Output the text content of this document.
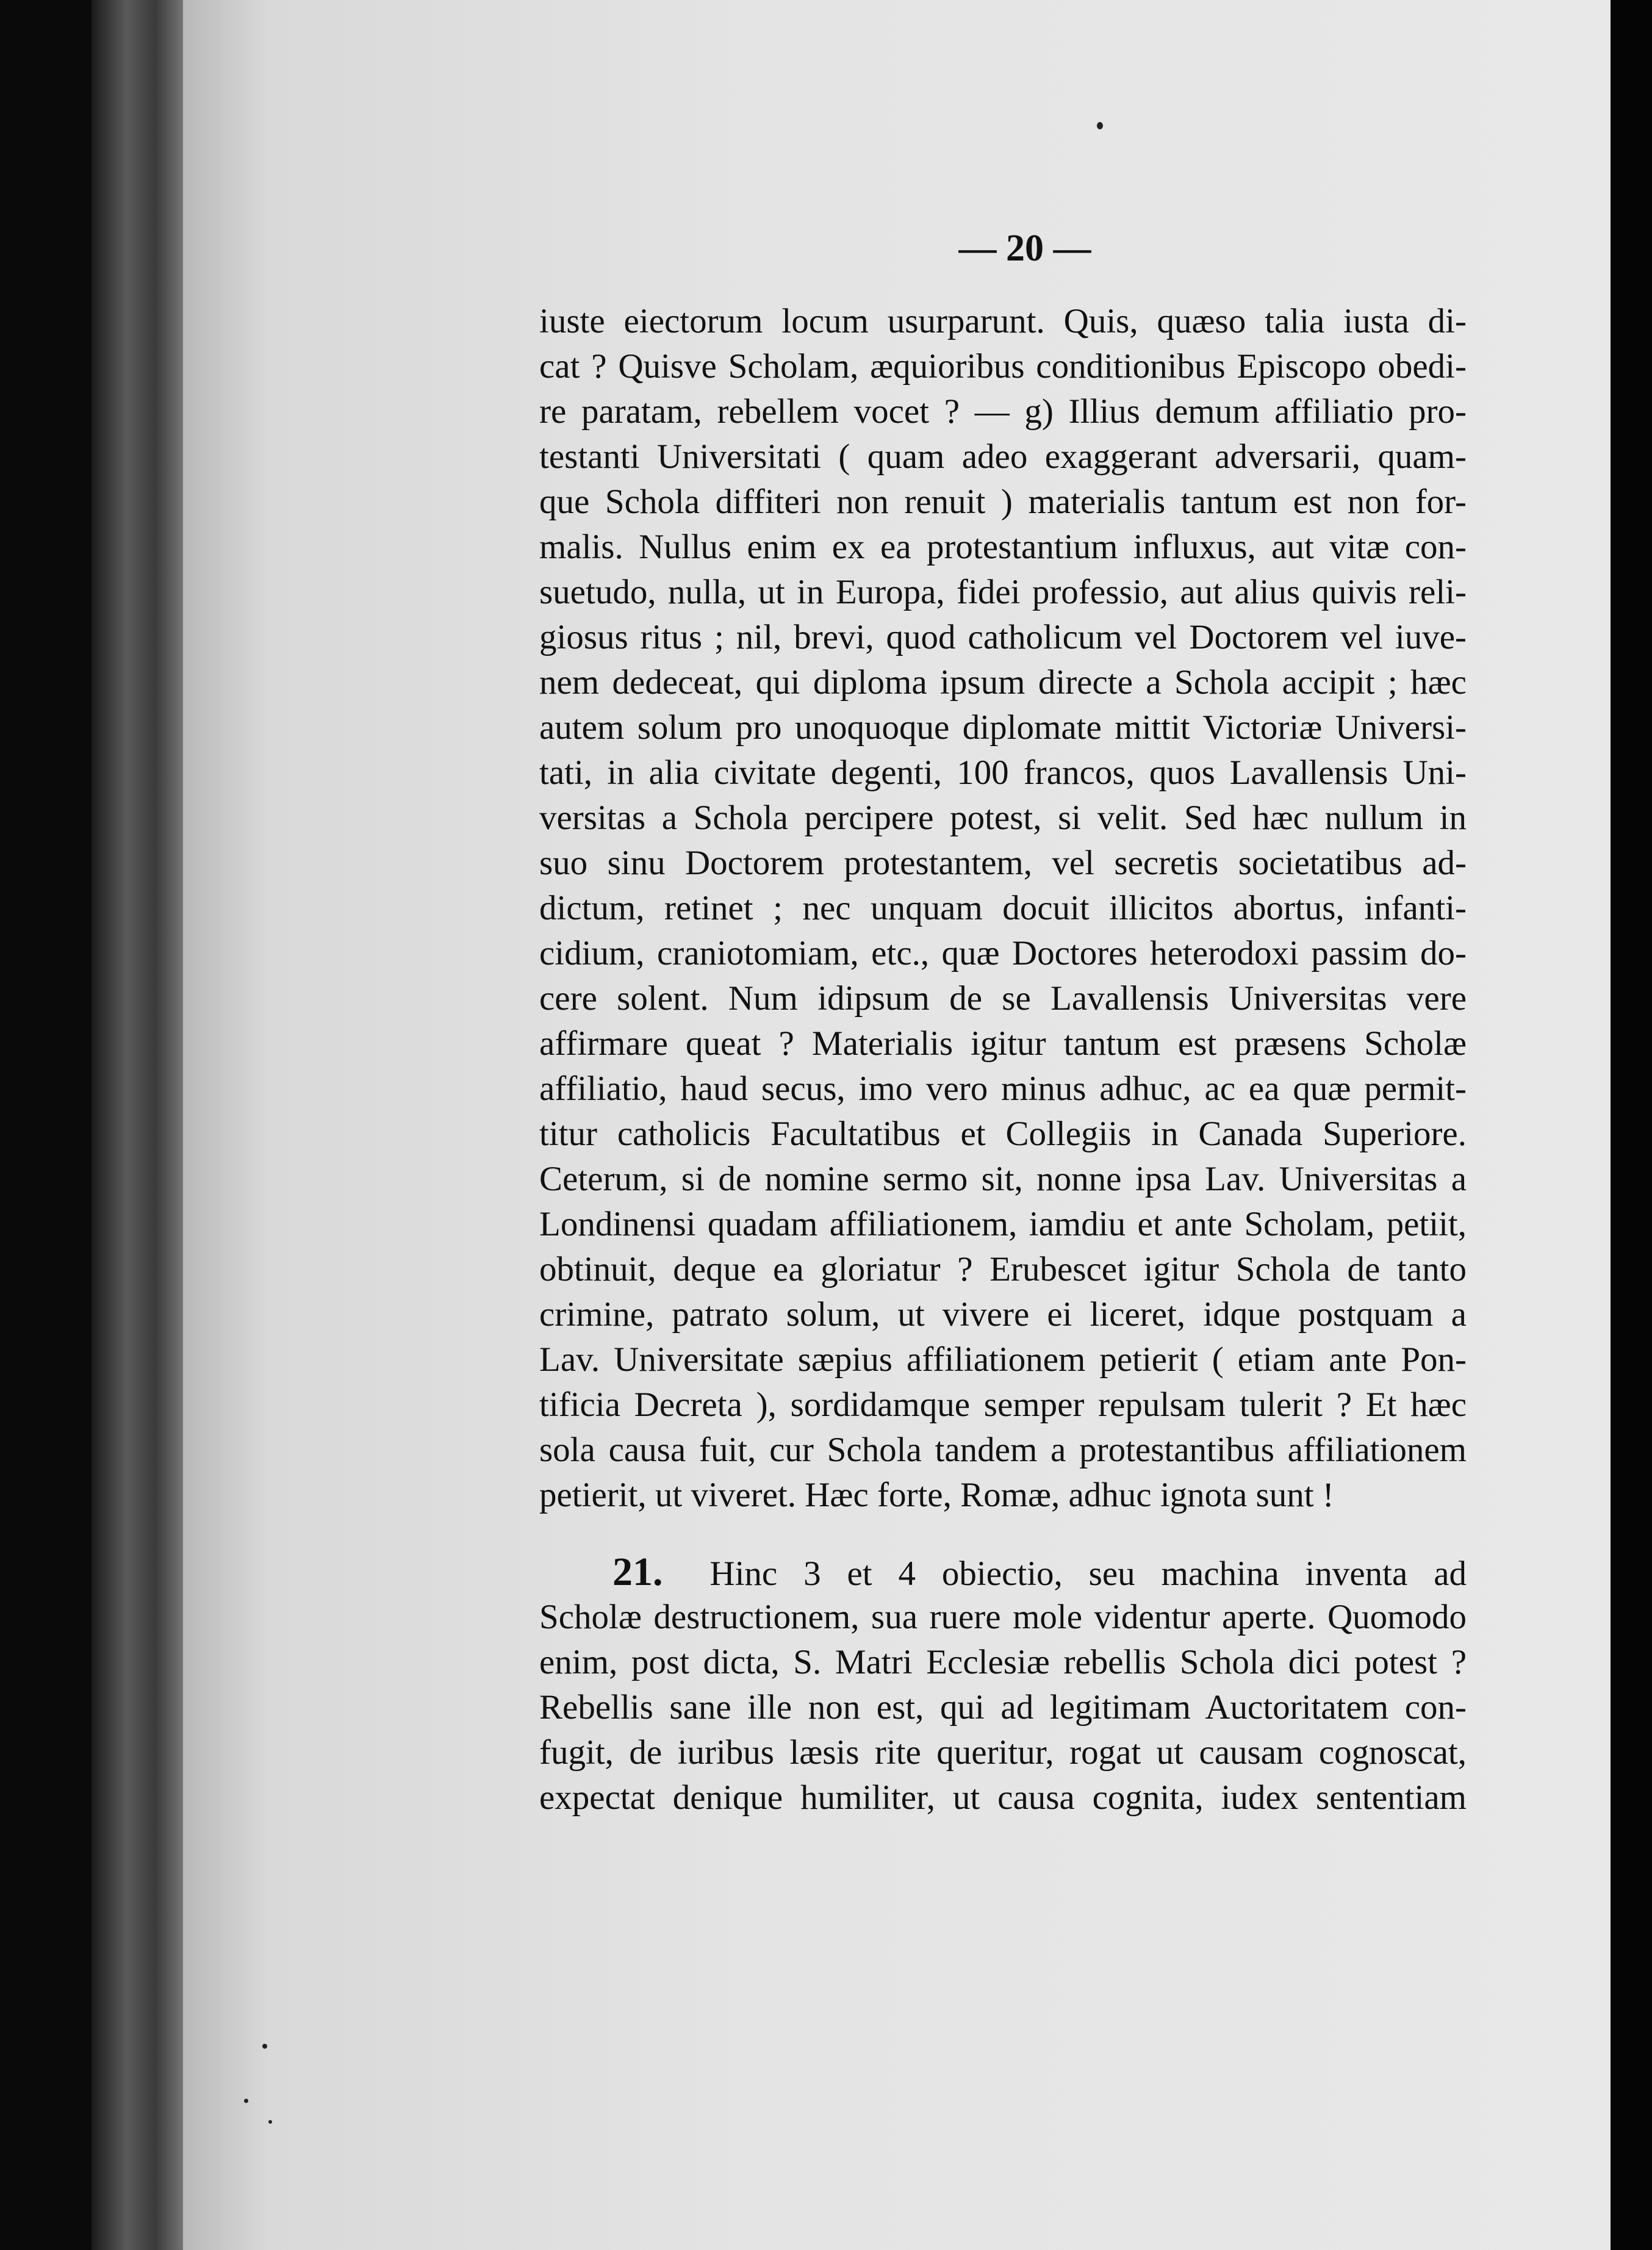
— 20 —
iuste eiectorum locum usurparunt. Quis, quæso talia iusta di-
cat ? Quisve Scholam, æquioribus conditionibus Episcopo obedi-
re paratam, rebellem vocet ? — g) Illius demum affiliatio pro-
testanti Universitati ( quam adeo exaggerant adversarii, quam-
que Schola diffiteri non renuit ) materialis tantum est non for-
malis. Nullus enim ex ea protestantium influxus, aut vitæ con-
suetudo, nulla, ut in Europa, fidei professio, aut alius quivis reli-
giosus ritus ; nil, brevi, quod catholicum vel Doctorem vel iuve-
nem dedeceat, qui diploma ipsum directe a Schola accipit ; hæc
autem solum pro unoquoque diplomate mittit Victoriæ Universi-
tati, in alia civitate degenti, 100 francos, quos Lavallensis Uni-
versitas a Schola percipere potest, si velit. Sed hæc nullum in
suo sinu Doctorem protestantem, vel secretis societatibus ad-
dictum, retinet ; nec unquam docuit illicitos abortus, infanti-
cidium, craniotomiam, etc., quæ Doctores heterodoxi passim do-
cere solent. Num idipsum de se Lavallensis Universitas vere
affirmare queat ? Materialis igitur tantum est præsens Scholæ
affiliatio, haud secus, imo vero minus adhuc, ac ea quæ permit-
titur catholicis Facultatibus et Collegiis in Canada Superiore.
Ceterum, si de nomine sermo sit, nonne ipsa Lav. Universitas a
Londinensi quadam affiliationem, iamdiu et ante Scholam, petiit,
obtinuit, deque ea gloriatur ? Erubescet igitur Schola de tanto
crimine, patrato solum, ut vivere ei liceret, idque postquam a
Lav. Universitate sæpius affiliationem petierit ( etiam ante Pon-
tificia Decreta ), sordidamque semper repulsam tulerit ? Et hæc
sola causa fuit, cur Schola tandem a protestantibus affiliationem
petierit, ut viveret. Hæc forte, Romæ, adhuc ignota sunt !
21. Hinc 3 et 4 obiectio, seu machina inventa ad
Scholæ destructionem, sua ruere mole videntur aperte. Quomodo
enim, post dicta, S. Matri Ecclesiæ rebellis Schola dici potest ?
Rebellis sane ille non est, qui ad legitimam Auctoritatem con-
fugit, de iuribus læsis rite queritur, rogat ut causam cognoscat,
expectat denique humiliter, ut causa cognita, iudex sententiam
